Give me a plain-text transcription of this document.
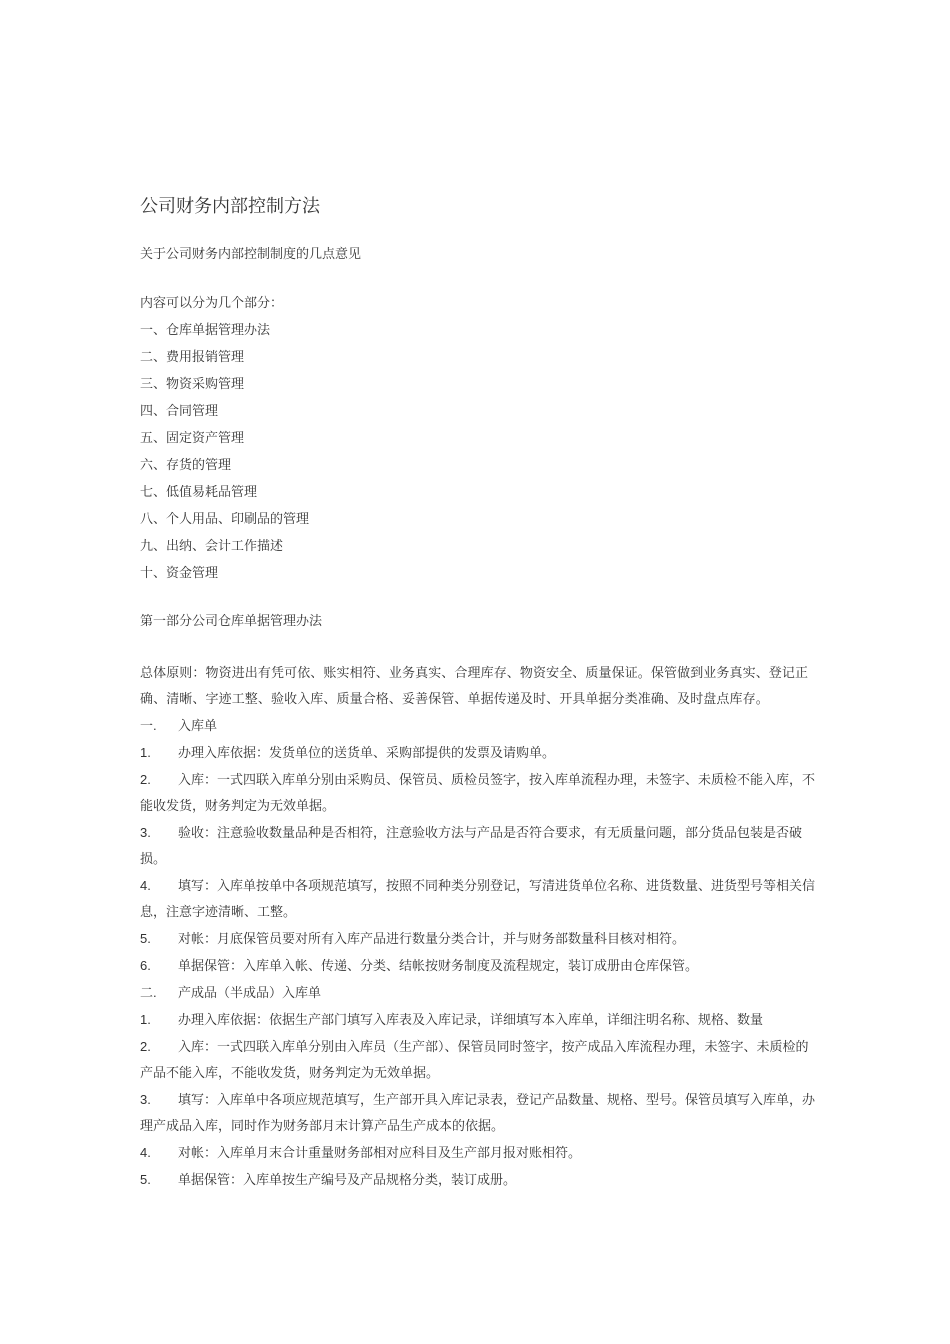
公司财务内部控制方法
关于公司财务内部控制制度的几点意见
内容可以分为几个部分：
一、仓库单据管理办法
二、费用报销管理
三、物资采购管理
四、合同管理
五、固定资产管理
六、存货的管理
七、低值易耗品管理
八、个人用品、印刷品的管理
九、出纳、会计工作描述
十、资金管理
第一部分公司仓库单据管理办法

总体原则：物资进出有凭可依、账实相符、业务真实、合理库存、物资安全、质量保证。保管做到业务真实、登记正确、清晰、字迹工整、验收入库、质量合格、妥善保管、单据传递及时、开具单据分类准确、及时盘点库存。

一. 入库单

1. 办理入库依据：发货单位的送货单、采购部提供的发票及请购单。

2. 入库：一式四联入库单分别由采购员、保管员、质检员签字，按入库单流程办理，未签字、未质检不能入库，不能收发货，财务判定为无效单据。

3. 验收：注意验收数量品种是否相符，注意验收方法与产品是否符合要求，有无质量问题，部分货品包装是否破损。

4. 填写：入库单按单中各项规范填写，按照不同种类分别登记，写清进货单位名称、进货数量、进货型号等相关信息，注意字迹清晰、工整。

5. 对帐：月底保管员要对所有入库产品进行数量分类合计，并与财务部数量科目核对相符。

6. 单据保管：入库单入帐、传递、分类、结帐按财务制度及流程规定，装订成册由仓库保管。

二. 产成品（半成品）入库单

1. 办理入库依据：依据生产部门填写入库表及入库记录，详细填写本入库单，详细注明名称、规格、数量

2. 入库：一式四联入库单分别由入库员（生产部）、保管员同时签字，按产成品入库流程办理，未签字、未质检的产品不能入库，不能收发货，财务判定为无效单据。

3. 填写：入库单中各项应规范填写，生产部开具入库记录表，登记产品数量、规格、型号。保管员填写入库单，办理产成品入库，同时作为财务部月末计算产品生产成本的依据。

4. 对帐：入库单月末合计重量财务部相对应科目及生产部月报对账相符。

5. 单据保管：入库单按生产编号及产品规格分类，装订成册。
